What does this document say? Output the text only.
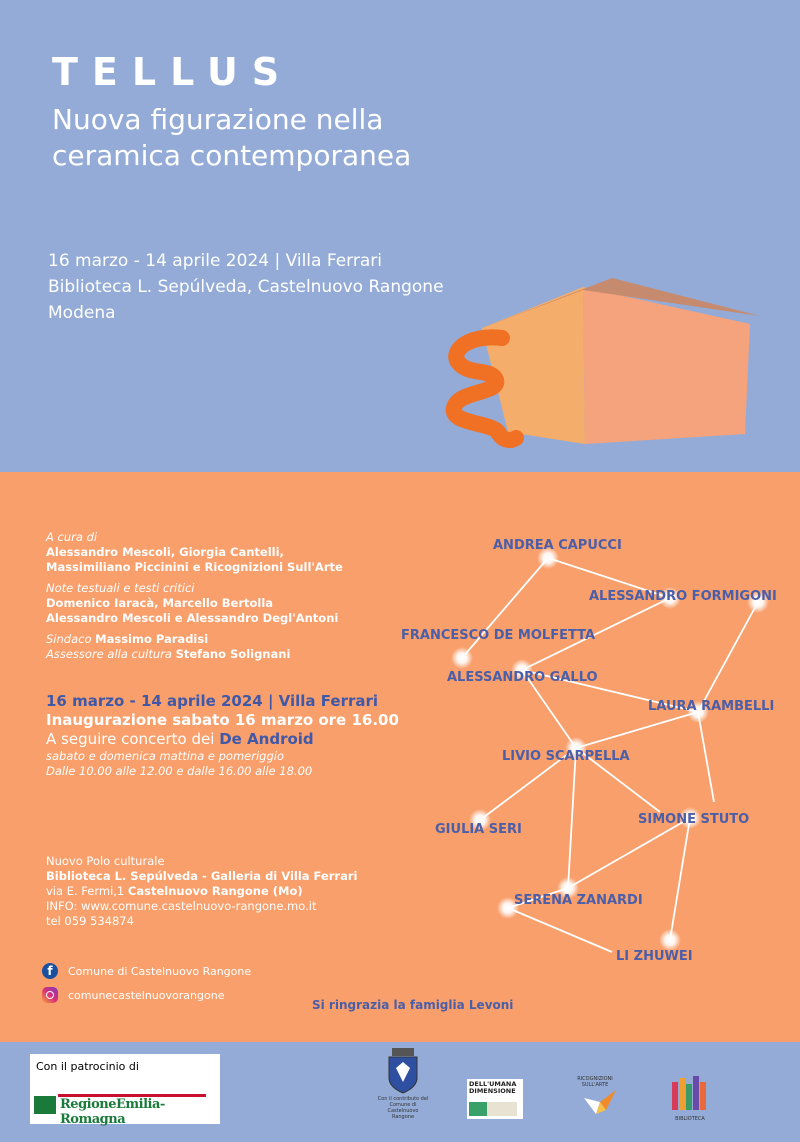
TELLUS
Nuova figurazione nella
ceramica contemporanea
16 marzo - 14 aprile 2024 | Villa Ferrari
Biblioteca L. Sepúlveda, Castelnuovo Rangone
Modena
A cura di
Alessandro Mescoli, Giorgia Cantelli,
Massimiliano Piccinini e Ricognizioni Sull'Arte
Note testuali e testi critici
Domenico Iaracà, Marcello Bertolla
Alessandro Mescoli e Alessandro Degl'Antoni
Sindaco Massimo Paradisi
Assessore alla cultura Stefano Solignani
16 marzo - 14 aprile 2024 | Villa Ferrari
Inaugurazione sabato 16 marzo ore 16.00
A seguire concerto dei De Android
sabato e domenica mattina e pomeriggio
Dalle 10.00 alle 12.00 e dalle 16.00 alle 18.00
Nuovo Polo culturale
Biblioteca L. Sepúlveda - Galleria di Villa Ferrari
via E. Fermi,1 Castelnuovo Rangone (Mo)
INFO: www.comune.castelnuovo-rangone.mo.it
tel 059 534874
ANDREA CAPUCCI
ALESSANDRO FORMIGONI
FRANCESCO DE MOLFETTA
ALESSANDRO GALLO
LAURA RAMBELLI
LIVIO SCARPELLA
GIULIA SERI
SIMONE STUTO
SERENA ZANARDI
LI ZHUWEI
f	Comune di Castelnuovo Rangone
comunecastelnuovorangone
Si ringrazia la famiglia Levoni
Con il patrocinio di
RegioneEmilia-Romagna
Con il contributo del Comune di Castelnuovo Rangone
DELL'UMANA
DIMENSIONE
RICOGNIZIONI SULL'ARTE
BIBLIOTECA
